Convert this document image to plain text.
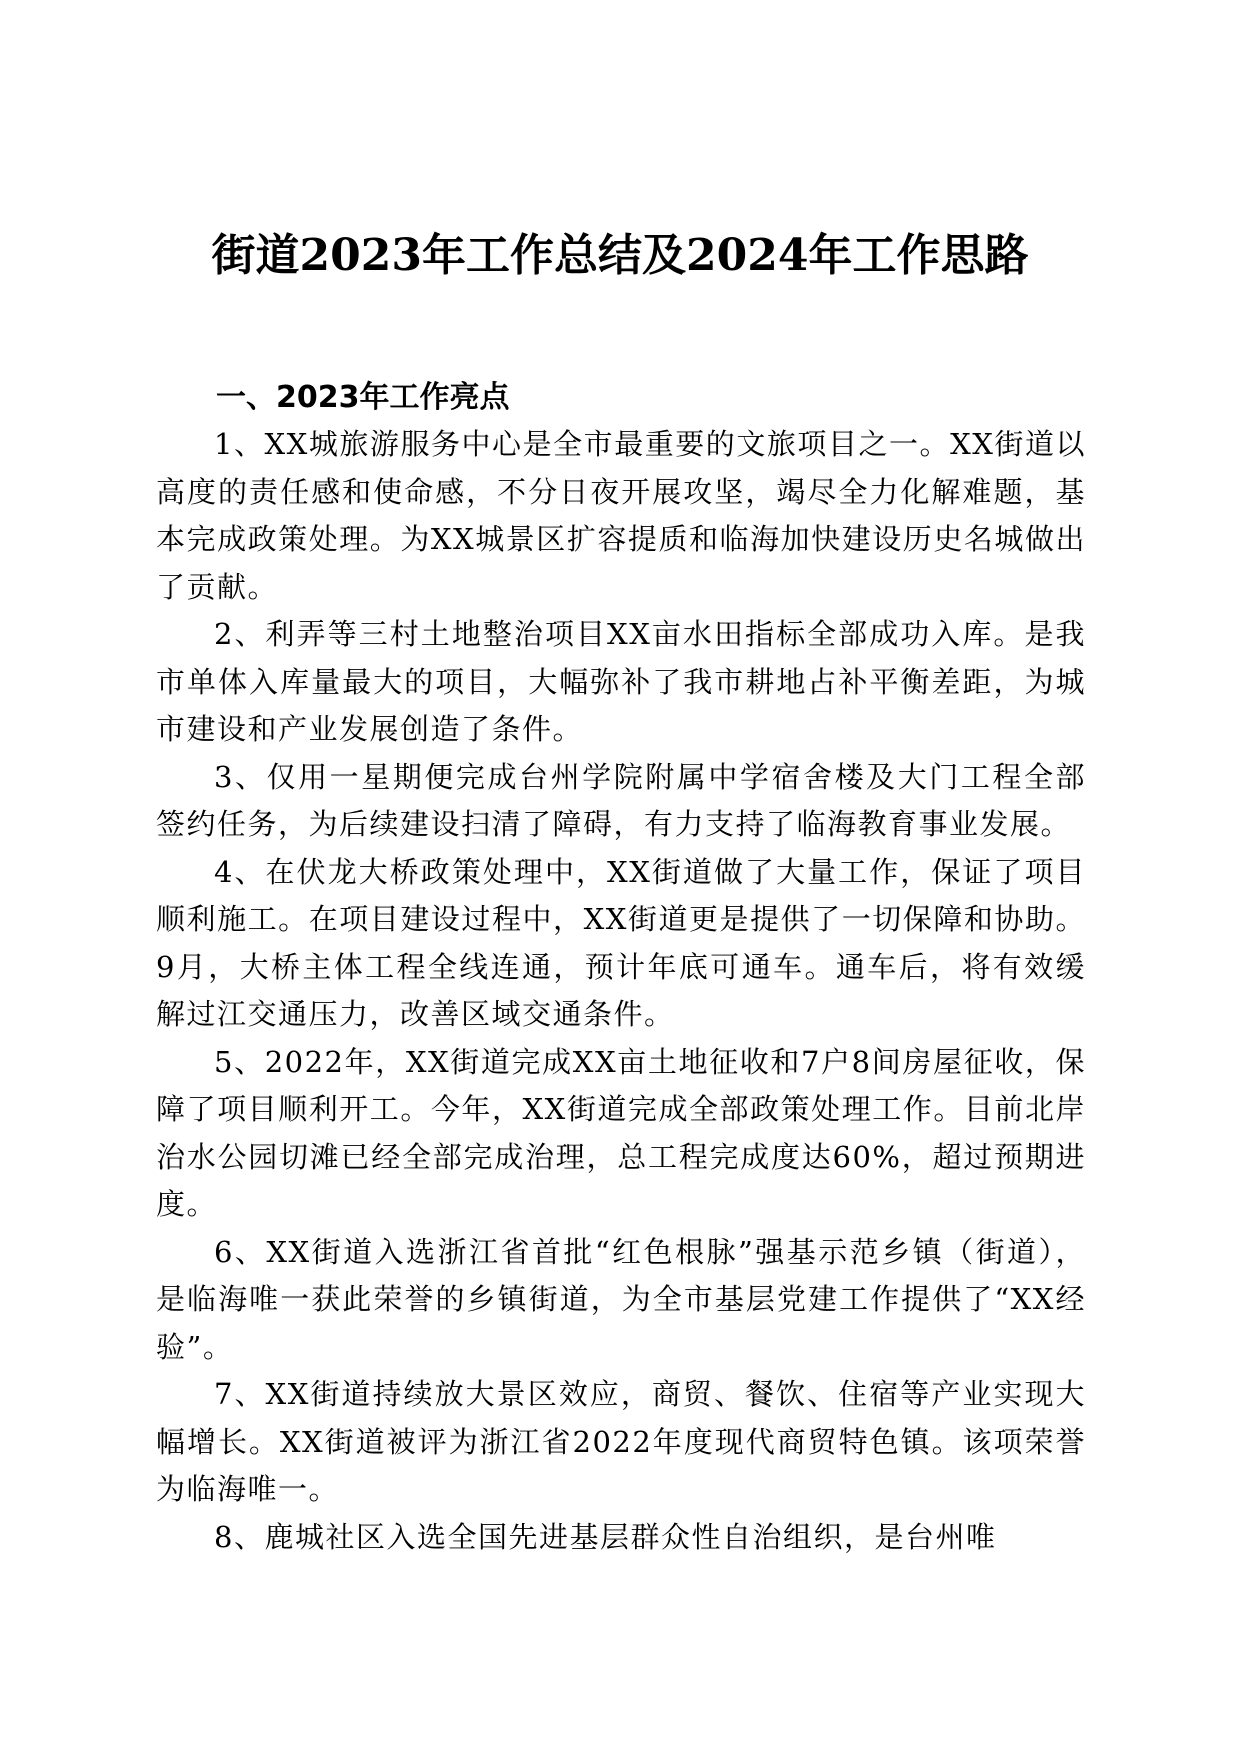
街道2023年工作总结及2024年工作思路
一、2023年工作亮点

1、XX城旅游服务中心是全市最重要的文旅项目之一。XX街道以高度的责任感和使命感，不分日夜开展攻坚，竭尽全力化解难题，基本完成政策处理。为XX城景区扩容提质和临海加快建设历史名城做出了贡献。

2、利弄等三村土地整治项目XX亩水田指标全部成功入库。是我市单体入库量最大的项目，大幅弥补了我市耕地占补平衡差距，为城市建设和产业发展创造了条件。

3、仅用一星期便完成台州学院附属中学宿舍楼及大门工程全部签约任务，为后续建设扫清了障碍，有力支持了临海教育事业发展。

4、在伏龙大桥政策处理中，XX街道做了大量工作，保证了项目顺利施工。在项目建设过程中，XX街道更是提供了一切保障和协助。9月，大桥主体工程全线连通，预计年底可通车。通车后，将有效缓解过江交通压力，改善区域交通条件。

5、2022年，XX街道完成XX亩土地征收和7户8间房屋征收，保障了项目顺利开工。今年，XX街道完成全部政策处理工作。目前北岸治水公园切滩已经全部完成治理，总工程完成度达60%，超过预期进度。

6、XX街道入选浙江省首批“红色根脉”强基示范乡镇（街道），是临海唯一获此荣誉的乡镇街道，为全市基层党建工作提供了“XX经验”。

7、XX街道持续放大景区效应，商贸、餐饮、住宿等产业实现大幅增长。XX街道被评为浙江省2022年度现代商贸特色镇。该项荣誉为临海唯一。

8、鹿城社区入选全国先进基层群众性自治组织，是台州唯
